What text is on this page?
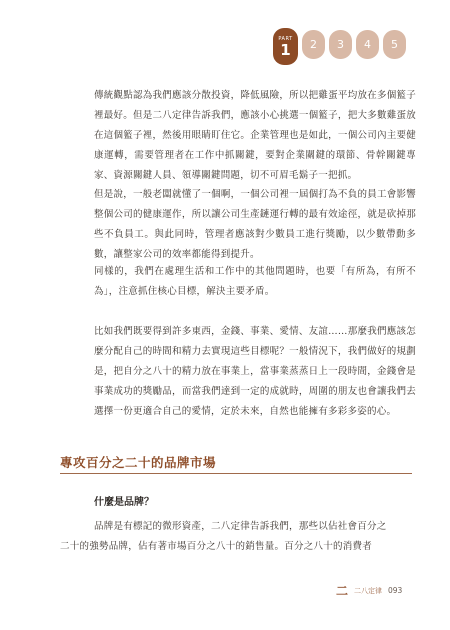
PART
1 2 3 4 5

傳統觀點認為我們應該分散投資，降低風險，所以把雞蛋平均放在多個籃子裡最好。但是二八定律告訴我們，應該小心挑選一個籃子，把大多數雞蛋放在這個籃子裡，然後用眼睛盯住它。企業管理也是如此，一個公司內主要健康運轉，需要管理者在工作中抓關鍵，要對企業關鍵的環節、骨幹關鍵專家、資源關鍵人員、領導關鍵問題，切不可眉毛鬍子一把抓。

但是說，一般老闆就懂了一個啊，一個公司裡一屆個打為不負的員工會影響整個公司的健康運作，所以讓公司生產鏈運行轉的最有效途徑，就是砍掉那些不負員工。與此同時，管理者應該對少數員工進行獎勵，以少數帶動多數，讓整家公司的效率都能得到提升。

同樣的，我們在處理生活和工作中的其他問題時，也要「有所為，有所不為」，注意抓住核心目標，解決主要矛盾。

比如我們既要得到許多東西，金錢、事業、愛情、友誼……那麼我們應該怎麼分配自己的時間和精力去實現這些目標呢？一般情況下，我們做好的規劃是，把自分之八十的精力放在事業上，當事業蒸蒸日上一段時間，金錢會是事業成功的獎勵品，而當我們達到一定的成就時，周圍的朋友也會讓我們去選擇一份更適合自己的愛情，定於未來，自然也能擁有多彩多姿的心。

專攻百分之二十的品牌市場
什麼是品牌？
品牌是有標記的微形資產，二八定律告訴我們，那些以佔社會百分之
二十的強勢品牌，佔有著市場百分之八十的銷售量。百分之八十的消費者
二 二八定律 093
